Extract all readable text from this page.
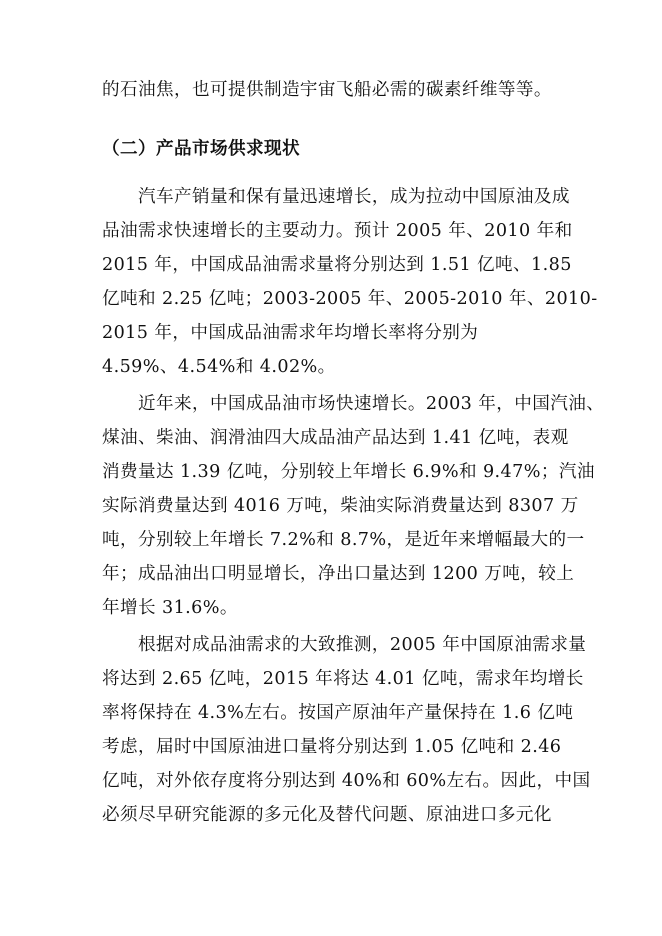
的石油焦，也可提供制造宇宙飞船必需的碳素纤维等等。
（二）产品市场供求现状
　　汽车产销量和保有量迅速增长，成为拉动中国原油及成
品油需求快速增长的主要动力。预计 2005 年、2010 年和
2015 年，中国成品油需求量将分别达到 1.51 亿吨、1.85
亿吨和 2.25 亿吨；2003-2005 年、2005-2010 年、2010-
2015 年，中国成品油需求年均增长率将分别为
4.59%、4.54%和 4.02%。
　　近年来，中国成品油市场快速增长。2003 年，中国汽油、
煤油、柴油、润滑油四大成品油产品达到 1.41 亿吨，表观
消费量达 1.39 亿吨，分别较上年增长 6.9%和 9.47%；汽油
实际消费量达到 4016 万吨，柴油实际消费量达到 8307 万
吨，分别较上年增长 7.2%和 8.7%，是近年来增幅最大的一
年；成品油出口明显增长，净出口量达到 1200 万吨，较上
年增长 31.6%。
　　根据对成品油需求的大致推测，2005 年中国原油需求量
将达到 2.65 亿吨，2015 年将达 4.01 亿吨，需求年均增长
率将保持在 4.3%左右。按国产原油年产量保持在 1.6 亿吨
考虑，届时中国原油进口量将分别达到 1.05 亿吨和 2.46
亿吨，对外依存度将分别达到 40%和 60%左右。因此，中国
必须尽早研究能源的多元化及替代问题、原油进口多元化
